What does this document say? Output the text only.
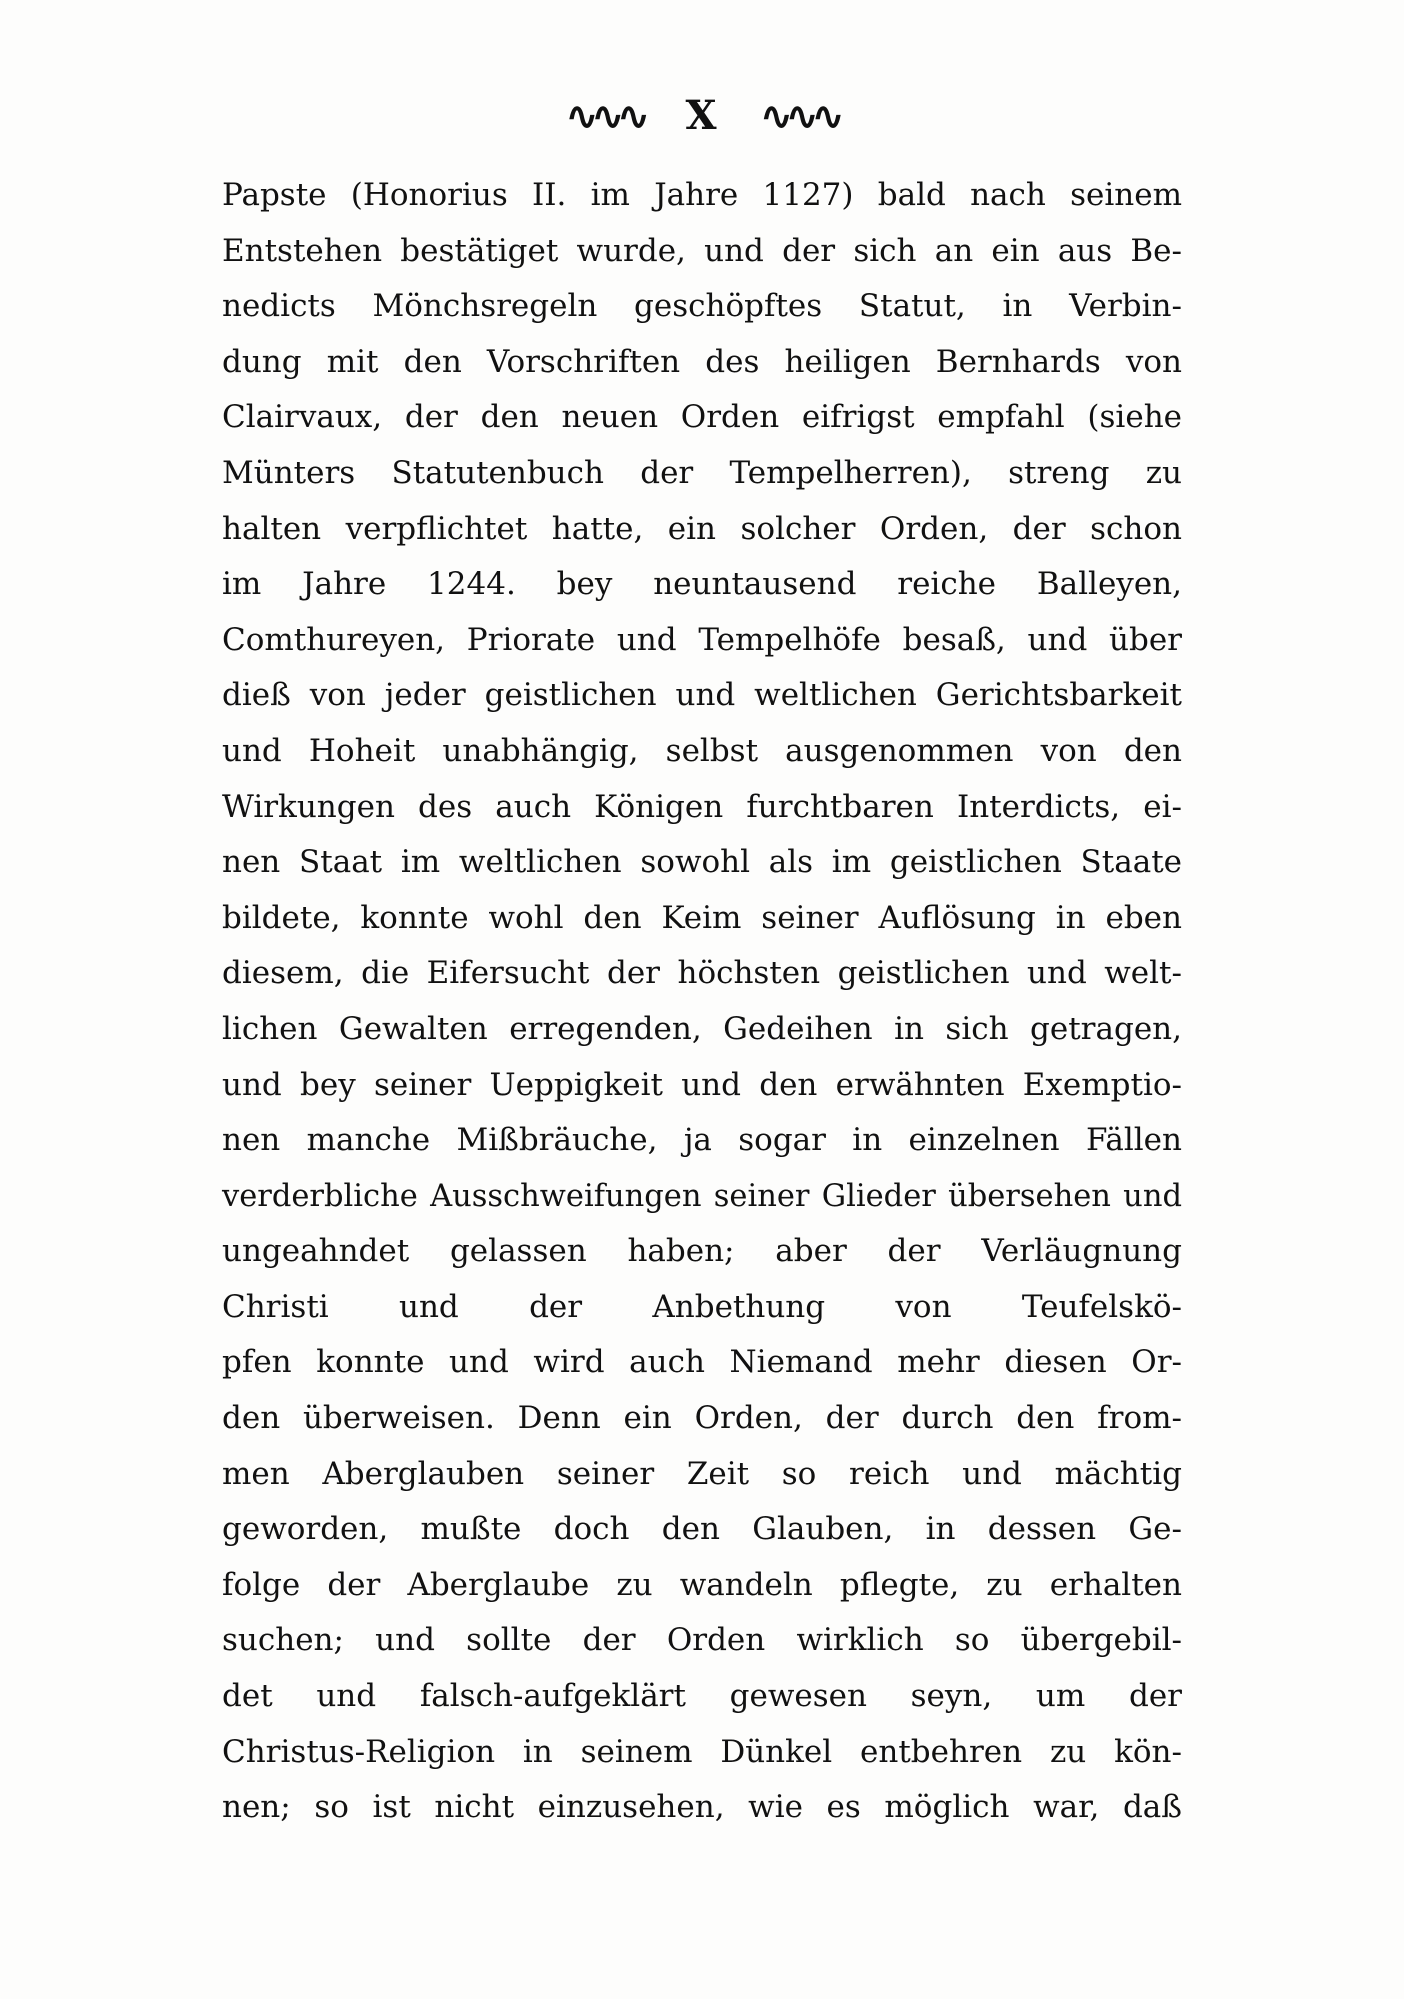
∿∿∿ X ∿∿∿
Papste (Honorius II. im Jahre 1127) bald nach seinem
Entstehen bestätiget wurde, und der sich an ein aus Be-
nedicts Mönchsregeln geschöpftes Statut, in Verbin-
dung mit den Vorschriften des heiligen Bernhards von
Clairvaux, der den neuen Orden eifrigst empfahl (siehe
Münters Statutenbuch der Tempelherren), streng zu
halten verpflichtet hatte, ein solcher Orden, der schon
im Jahre 1244. bey neuntausend reiche Balleyen,
Comthureyen, Priorate und Tempelhöfe besaß, und über
dieß von jeder geistlichen und weltlichen Gerichtsbarkeit
und Hoheit unabhängig, selbst ausgenommen von den
Wirkungen des auch Königen furchtbaren Interdicts, ei-
nen Staat im weltlichen sowohl als im geistlichen Staate
bildete, konnte wohl den Keim seiner Auflösung in eben
diesem, die Eifersucht der höchsten geistlichen und welt-
lichen Gewalten erregenden, Gedeihen in sich getragen,
und bey seiner Ueppigkeit und den erwähnten Exemptio-
nen manche Mißbräuche, ja sogar in einzelnen Fällen
verderbliche Ausschweifungen seiner Glieder übersehen und
ungeahndet gelassen haben; aber der Verläugnung
Christi und der Anbethung von Teufelskö-
pfen konnte und wird auch Niemand mehr diesen Or-
den überweisen. Denn ein Orden, der durch den from-
men Aberglauben seiner Zeit so reich und mächtig
geworden, mußte doch den Glauben, in dessen Ge-
folge der Aberglaube zu wandeln pflegte, zu erhalten
suchen; und sollte der Orden wirklich so übergebil-
det und falsch-aufgeklärt gewesen seyn, um der
Christus-Religion in seinem Dünkel entbehren zu kön-
nen; so ist nicht einzusehen, wie es möglich war, daß
